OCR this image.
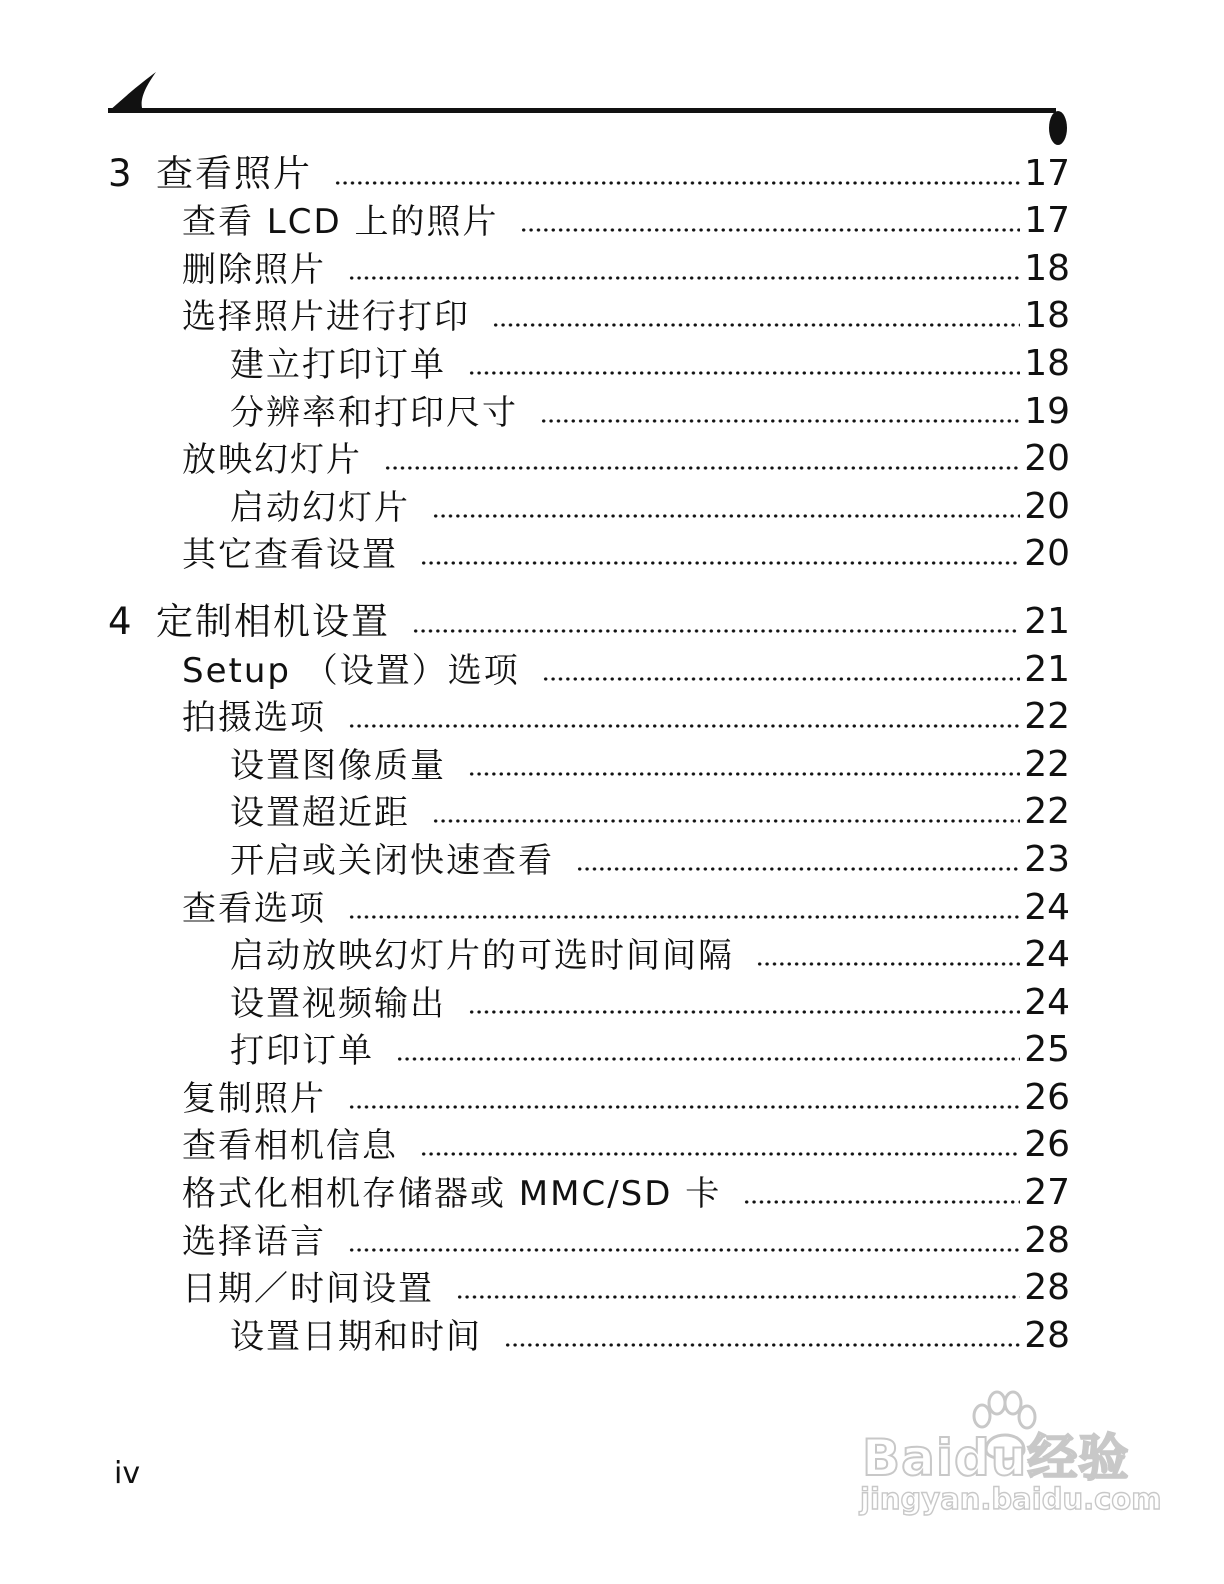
3 查看照片	17
查看 LCD 上的照片	17
删除照片	18
选择照片进行打印	18
建立打印订单	18
分辨率和打印尺寸	19
放映幻灯片	20
启动幻灯片	20
其它查看设置	20
4 定制相机设置	21
Setup （设置）选项	21
拍摄选项	22
设置图像质量	22
设置超近距	22
开启或关闭快速查看	23
查看选项	24
启动放映幻灯片的可选时间间隔	24
设置视频输出	24
打印订单	25
复制照片	26
查看相机信息	26
格式化相机存储器或 MMC/SD 卡	27
选择语言	28
日期／时间设置	28
设置日期和时间	28
iv	Baidu经验
jingyan.baidu.com
